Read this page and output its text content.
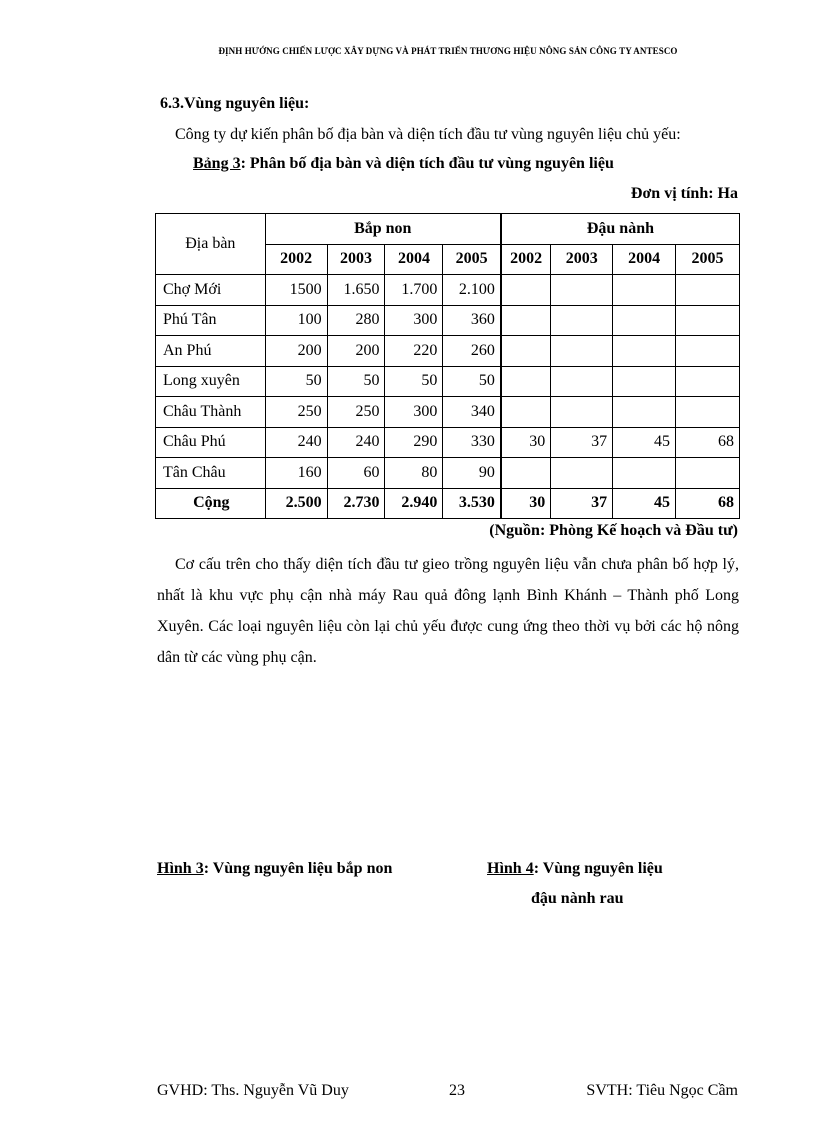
ĐỊNH HƯỚNG CHIẾN LƯỢC XÂY DỰNG VÀ PHÁT TRIỂN THƯƠNG HIỆU NÔNG SẢN CÔNG TY ANTESCO
6.3.Vùng nguyên liệu:
Công ty dự kiến phân bố địa bàn và diện tích đầu tư vùng nguyên liệu chủ yếu:
Bảng 3: Phân bố địa bàn và diện tích đầu tư vùng nguyên liệu
Đơn vị tính: Ha
Địa bàn	Bắp non				Đậu nành			
	2002	2003	2004	2005	2002	2003	2004	2005
Chợ Mới	1500	1.650	1.700	2.100				
Phú Tân	100	280	300	360				
An Phú	200	200	220	260				
Long xuyên	50	50	50	50				
Châu Thành	250	250	300	340				
Châu Phú	240	240	290	330	30	37	45	68
Tân Châu	160	60	80	90				
Cộng	2.500	2.730	2.940	3.530	30	37	45	68
(Nguồn: Phòng Kế hoạch và Đầu tư)
Cơ cấu trên cho thấy diện tích đầu tư gieo trồng nguyên liệu vẫn chưa phân bố hợp lý, nhất là khu vực phụ cận nhà máy Rau quả đông lạnh Bình Khánh – Thành phố Long Xuyên. Các loại nguyên liệu còn lại chủ yếu được cung ứng theo thời vụ bởi các hộ nông dân từ các vùng phụ cận.
Hình 3: Vùng nguyên liệu bắp non	Hình 4: Vùng nguyên liệu
đậu nành rau
GVHD: Ths. Nguyễn Vũ Duy	23	SVTH: Tiêu Ngọc Cầm
